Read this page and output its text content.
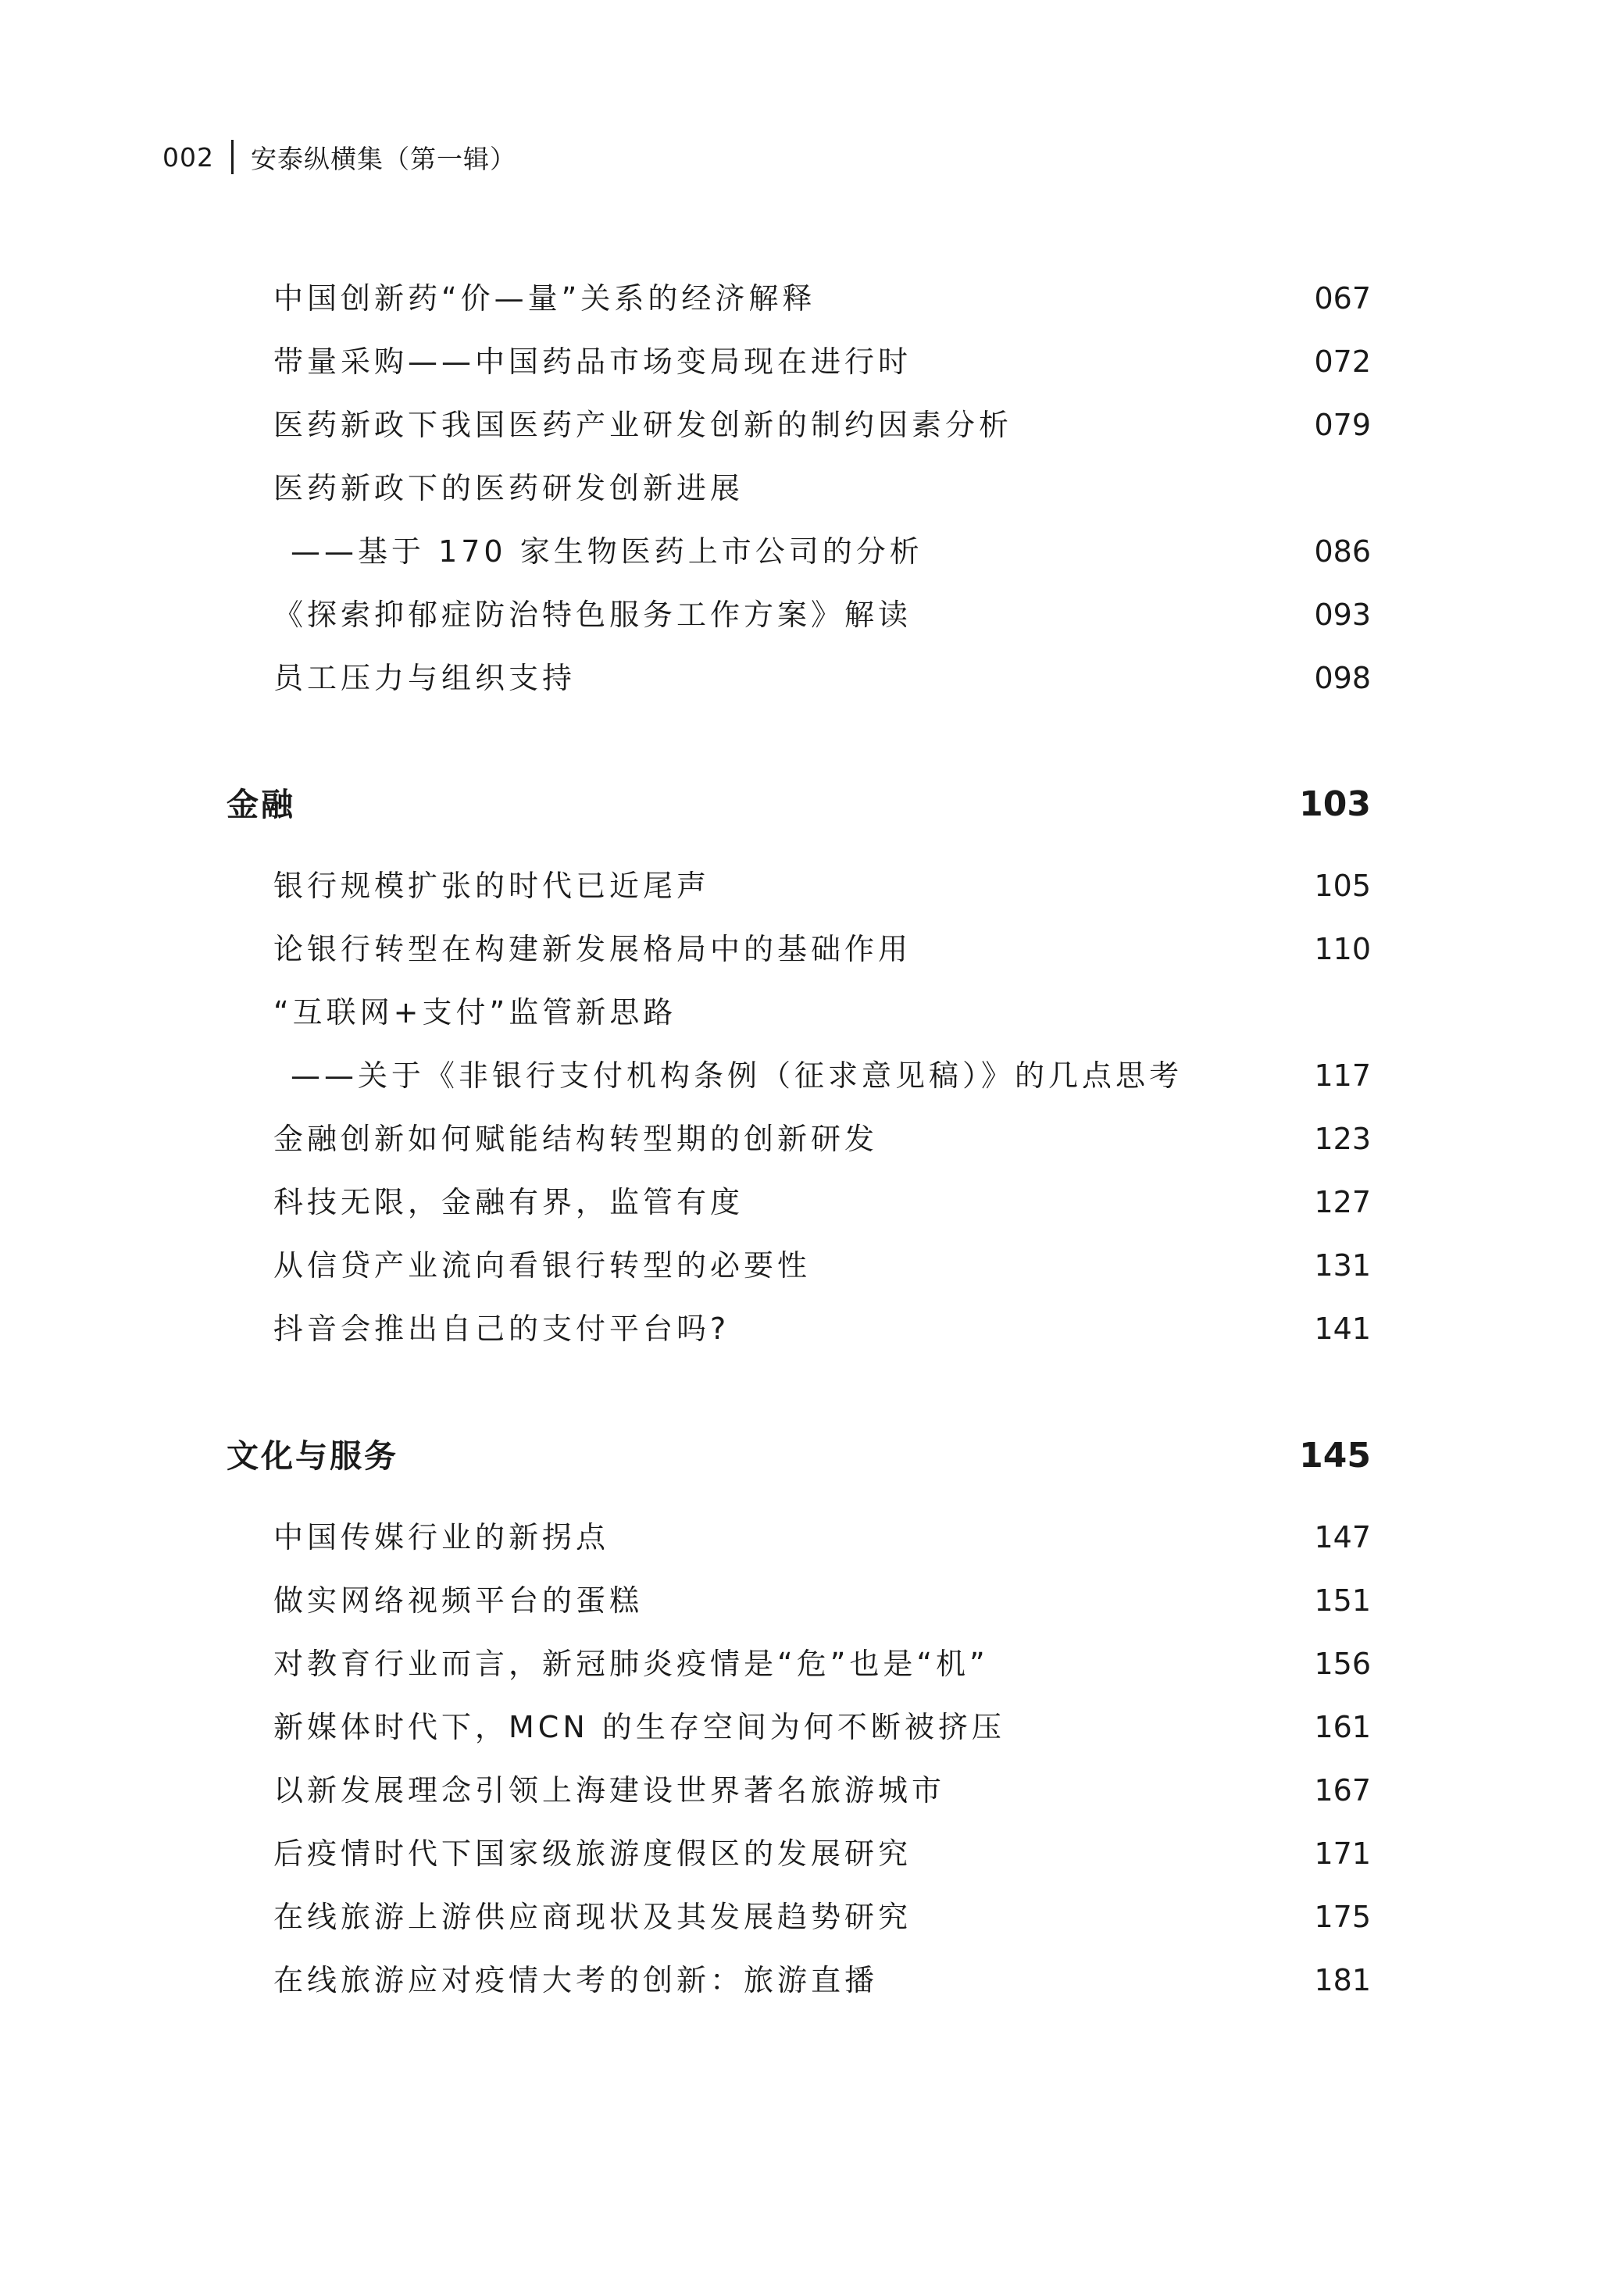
002 安泰纵横集（第一辑）
中国创新药“价—量”关系的经济解释	067
带量采购——中国药品市场变局现在进行时	072
医药新政下我国医药产业研发创新的制约因素分析	079
医药新政下的医药研发创新进展
——基于 170 家生物医药上市公司的分析	086
《探索抑郁症防治特色服务工作方案》解读	093
员工压力与组织支持	098
金融	103
银行规模扩张的时代已近尾声	105
论银行转型在构建新发展格局中的基础作用	110
“互联网+支付”监管新思路
——关于《非银行支付机构条例（征求意见稿）》的几点思考	117
金融创新如何赋能结构转型期的创新研发	123
科技无限，金融有界，监管有度	127
从信贷产业流向看银行转型的必要性	131
抖音会推出自己的支付平台吗?	141
文化与服务	145
中国传媒行业的新拐点	147
做实网络视频平台的蛋糕	151
对教育行业而言，新冠肺炎疫情是“危”也是“机”	156
新媒体时代下，MCN 的生存空间为何不断被挤压	161
以新发展理念引领上海建设世界著名旅游城市	167
后疫情时代下国家级旅游度假区的发展研究	171
在线旅游上游供应商现状及其发展趋势研究	175
在线旅游应对疫情大考的创新：旅游直播	181
